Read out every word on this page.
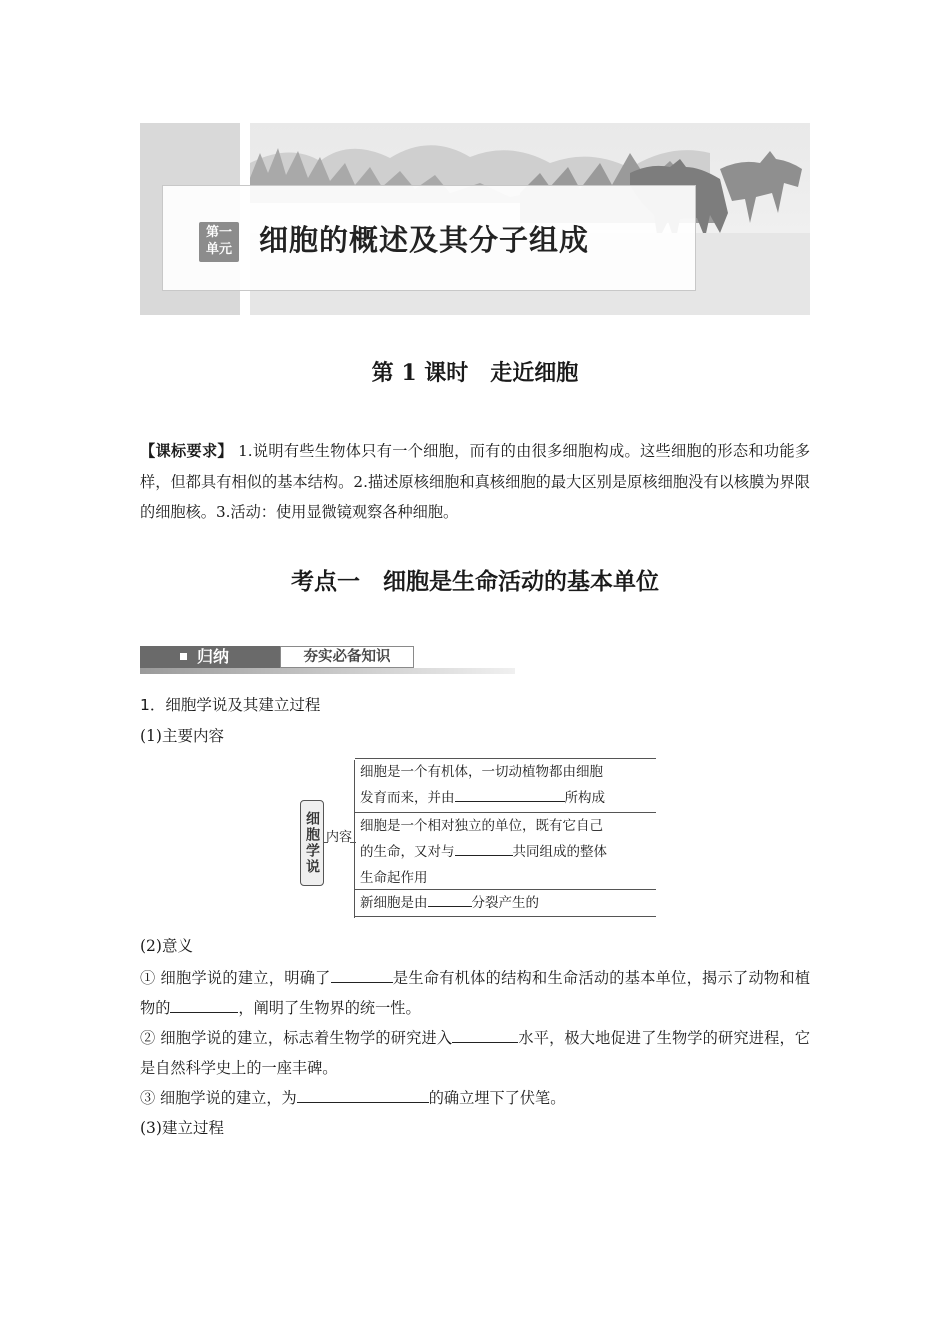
第一
单元 细胞的概述及其分子组成
第 1 课时　走近细胞
【课标要求】 1.说明有些生物体只有一个细胞，而有的由很多细胞构成。这些细胞的形态和功能多样，但都具有相似的基本结构。2.描述原核细胞和真核细胞的最大区别是原核细胞没有以核膜为界限的细胞核。3.活动：使用显微镜观察各种细胞。
考点一　细胞是生命活动的基本单位
归纳	夯实必备知识
1．细胞学说及其建立过程
(1)主要内容
细胞学说 内容
细胞是一个有机体，一切动植物都由细胞
发育而来，并由	所构成
细胞是一个相对独立的单位，既有它自己
的生命，又对与	共同组成的整体
生命起作用
新细胞是由	分裂产生的
(2)意义
① 细胞学说的建立，明确了	是生命有机体的结构和生命活动的基本单位，揭示了动物和植物的	，阐明了生物界的统一性。
② 细胞学说的建立，标志着生物学的研究进入	水平，极大地促进了生物学的研究进程，它是自然科学史上的一座丰碑。
③ 细胞学说的建立，为	的确立埋下了伏笔。
(3)建立过程
